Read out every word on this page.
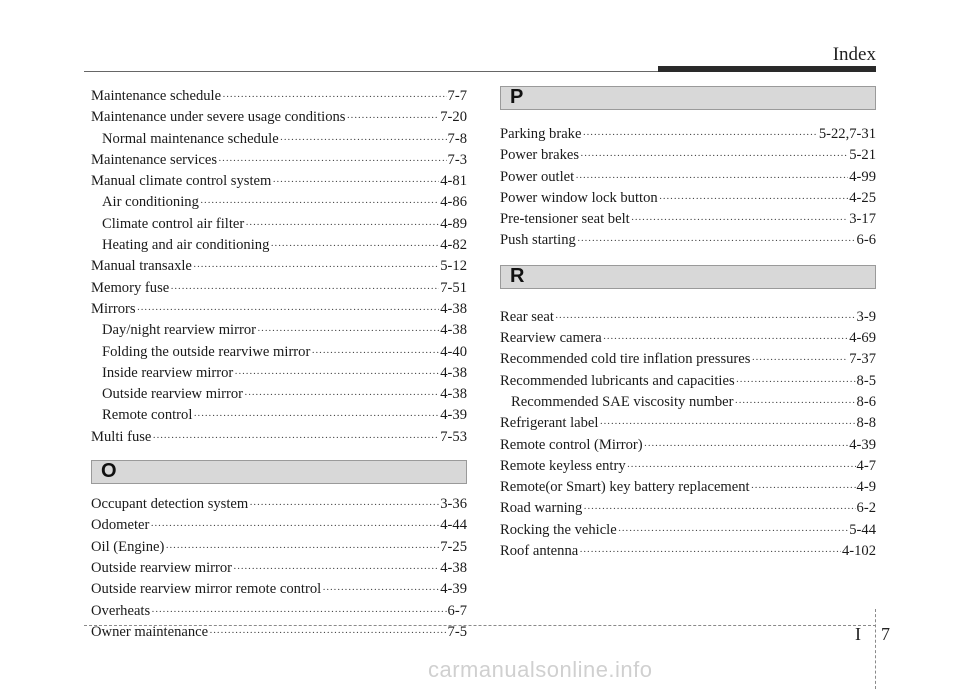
Index
Maintenance schedule ·····	7-7
Maintenance under severe usage conditions ·····	7-20
Normal maintenance schedule ·····	7-8
Maintenance services ·····	7-3
Manual climate control system ·····	4-81
Air conditioning ·····	4-86
Climate control air filter ·····	4-89
Heating and air conditioning ·····	4-82
Manual transaxle ·····	5-12
Memory fuse ·····	7-51
Mirrors ·····	4-38
Day/night rearview mirror ·····	4-38
Folding the outside rearviwe mirror ·····	4-40
Inside rearview mirror ·····	4-38
Outside rearview mirror ·····	4-38
Remote control ·····	4-39
Multi fuse ·····	7-53
O
Occupant detection system ·····	3-36
Odometer ·····	4-44
Oil (Engine) ·····	7-25
Outside rearview mirror ·····	4-38
Outside rearview mirror remote control ·····	4-39
Overheats ·····	6-7
Owner maintenance ·····	7-5
P
Parking brake ·····	5-22,7-31
Power brakes ·····	5-21
Power outlet ·····	4-99
Power window lock button ·····	4-25
Pre-tensioner seat belt ·····	3-17
Push starting ·····	6-6
R
Rear seat ·····	3-9
Rearview camera ·····	4-69
Recommended cold tire inflation pressures ·····	7-37
Recommended lubricants and capacities ·····	8-5
Recommended SAE viscosity number ·····	8-6
Refrigerant label ·····	8-8
Remote control (Mirror) ·····	4-39
Remote keyless entry ·····	4-7
Remote(or Smart) key battery replacement ·····	4-9
Road warning ·····	6-2
Rocking the vehicle ·····	5-44
Roof antenna ·····	4-102
I 7
carmanualsonline.info
